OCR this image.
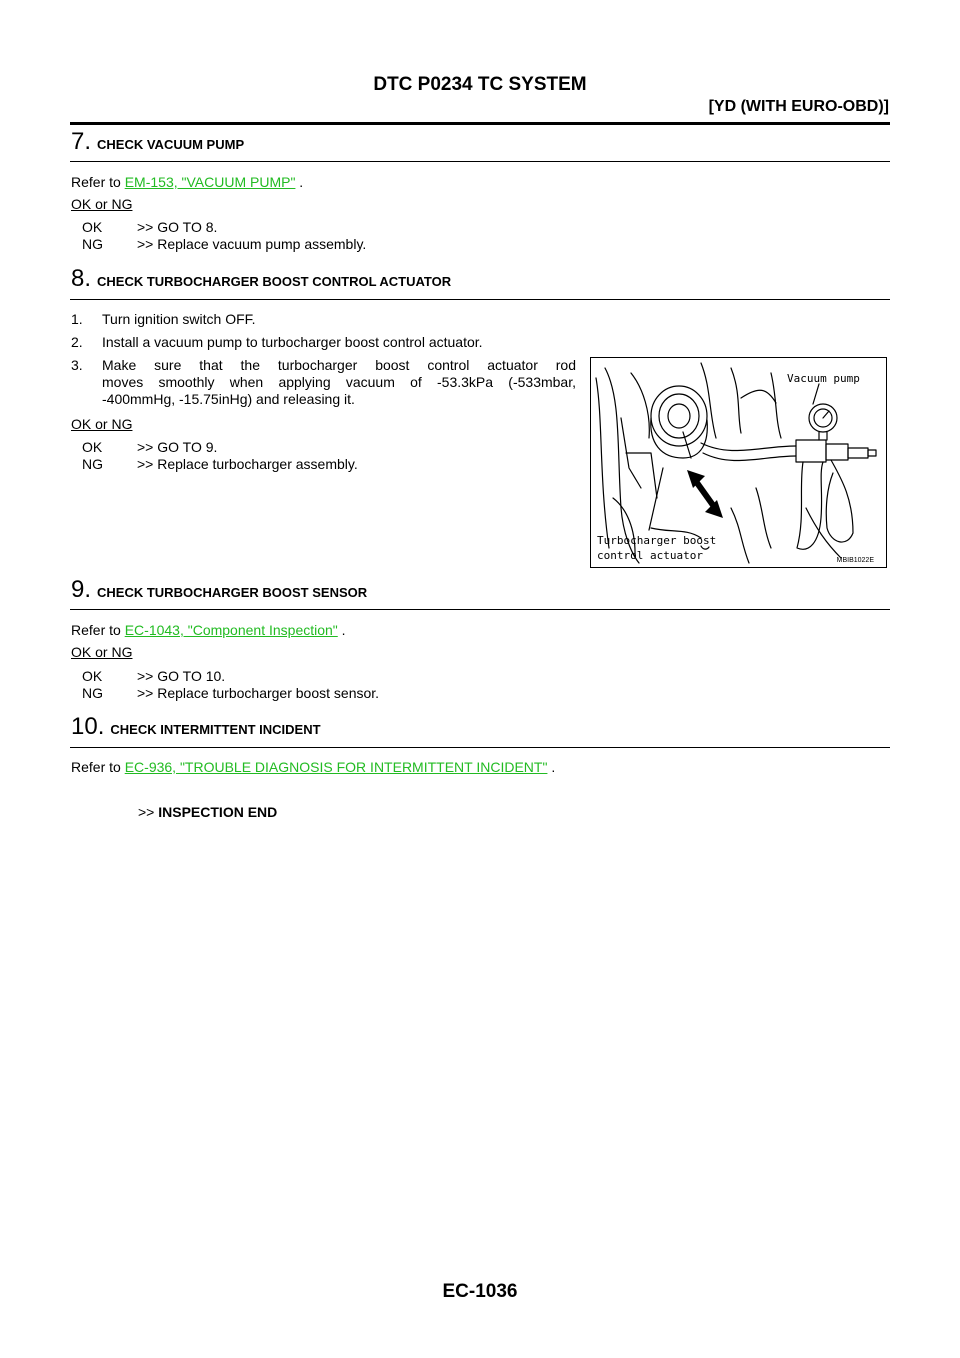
DTC P0234 TC SYSTEM
[YD (WITH EURO-OBD)]
7. CHECK VACUUM PUMP
Refer to EM-153, "VACUUM PUMP" .
OK or NG
OK >> GO TO 8.
NG >> Replace vacuum pump assembly.
8. CHECK TURBOCHARGER BOOST CONTROL ACTUATOR
1. Turn ignition switch OFF.
2. Install a vacuum pump to turbocharger boost control actuator.
3. Make sure that the turbocharger boost control actuator rod
moves smoothly when applying vacuum of -53.3kPa (-533mbar,
-400mmHg, -15.75inHg) and releasing it.
OK or NG
OK >> GO TO 9.
NG >> Replace turbocharger assembly.
Vacuum pump
Turbocharger boost
control actuator	MBIB1022E
9. CHECK TURBOCHARGER BOOST SENSOR
Refer to EC-1043, "Component Inspection" .
OK or NG
OK >> GO TO 10.
NG >> Replace turbocharger boost sensor.
10. CHECK INTERMITTENT INCIDENT
Refer to EC-936, "TROUBLE DIAGNOSIS FOR INTERMITTENT INCIDENT" .
>> INSPECTION END
EC-1036
